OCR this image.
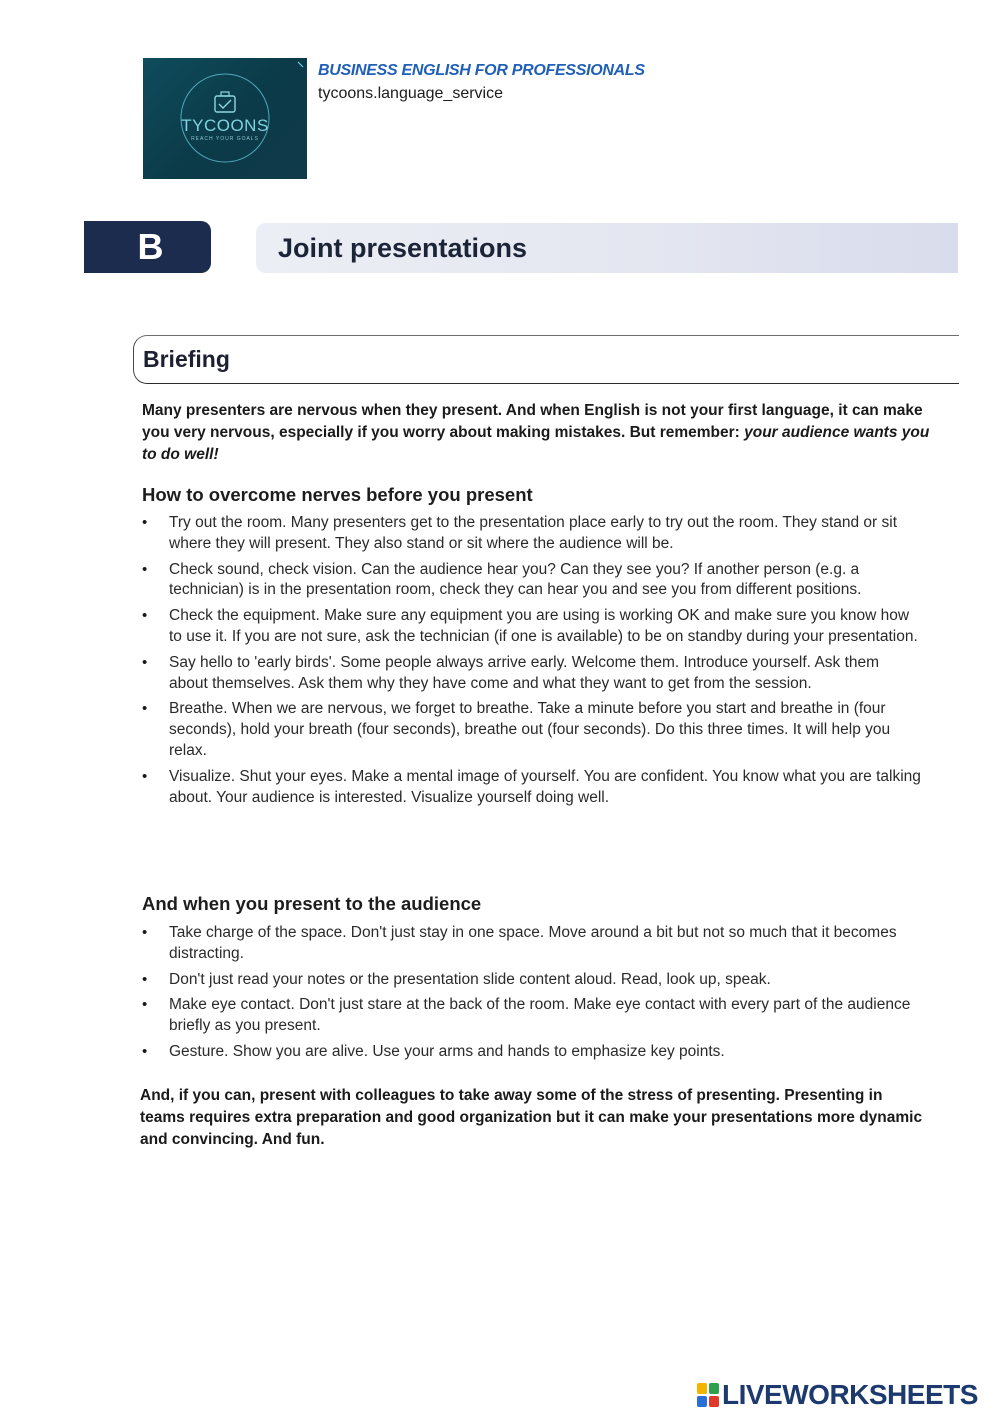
TYCOONS
REACH YOUR GOALS
BUSINESS ENGLISH FOR PROFESSIONALS
tycoons.language_service
B	Joint presentations
Briefing
Many presenters are nervous when they present. And when English is not your first language, it can make you very nervous, especially if you worry about making mistakes. But remember: your audience wants you to do well!
How to overcome nerves before you present
• Try out the room. Many presenters get to the presentation place early to try out the room. They stand or sit where they will present. They also stand or sit where the audience will be.
• Check sound, check vision. Can the audience hear you? Can they see you? If another person (e.g. a technician) is in the presentation room, check they can hear you and see you from different positions.
• Check the equipment. Make sure any equipment you are using is working OK and make sure you know how to use it. If you are not sure, ask the technician (if one is available) to be on standby during your presentation.
• Say hello to 'early birds'. Some people always arrive early. Welcome them. Introduce yourself. Ask them about themselves. Ask them why they have come and what they want to get from the session.
• Breathe. When we are nervous, we forget to breathe. Take a minute before you start and breathe in (four seconds), hold your breath (four seconds), breathe out (four seconds). Do this three times. It will help you relax.
• Visualize. Shut your eyes. Make a mental image of yourself. You are confident. You know what you are talking about. Your audience is interested. Visualize yourself doing well.
And when you present to the audience
• Take charge of the space. Don't just stay in one space. Move around a bit but not so much that it becomes distracting.
• Don't just read your notes or the presentation slide content aloud. Read, look up, speak.
• Make eye contact. Don't just stare at the back of the room. Make eye contact with every part of the audience briefly as you present.
• Gesture. Show you are alive. Use your arms and hands to emphasize key points.
And, if you can, present with colleagues to take away some of the stress of presenting. Presenting in teams requires extra preparation and good organization but it can make your presentations more dynamic and convincing. And fun.
LIVEWORKSHEETS
